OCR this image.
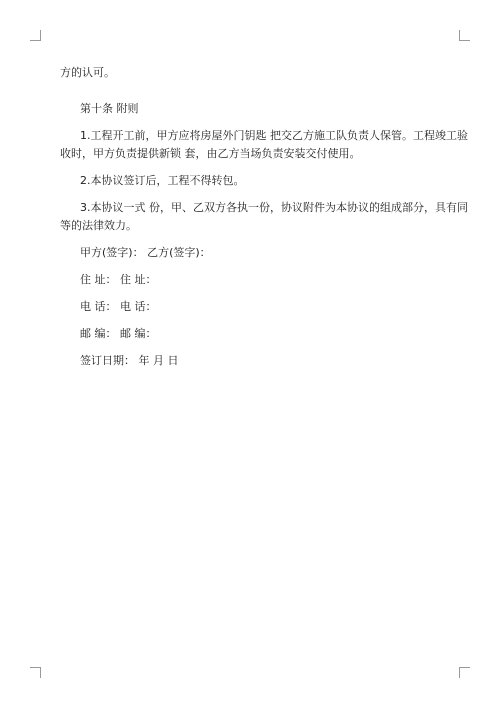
方的认可。

第十条 附则

1.工程开工前，甲方应将房屋外门钥匙 把交乙方施工队负责人保管。工程竣工验

收时，甲方负责提供新锁 套，由乙方当场负责安装交付使用。

2.本协议签订后，工程不得转包。

3.本协议一式 份，甲、乙双方各执一份，协议附件为本协议的组成部分，具有同

等的法律效力。

甲方(签字)： 乙方(签字)：

住 址： 住 址：

电 话： 电 话：

邮 编： 邮 编：

签订日期： 年 月 日
